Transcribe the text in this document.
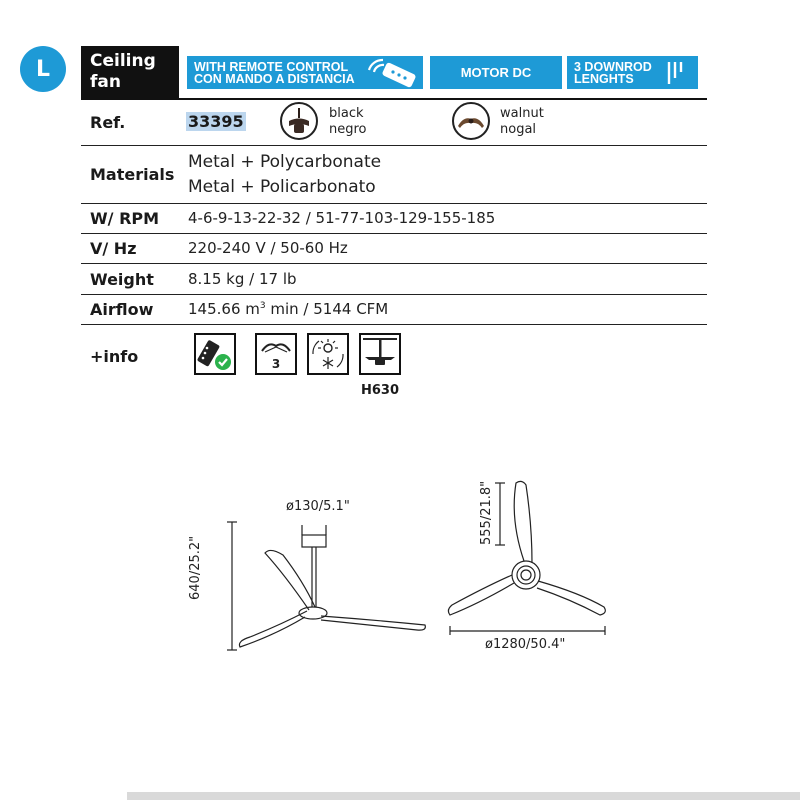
L	Ceiling
fan
WITH REMOTE CONTROL
CON MANDO A DISTANCIA	MOTOR DC	3 DOWNROD
LENGHTS
Ref.	33395	black
negro
walnut
nogal
Materials
Metal + Polycarbonate
Metal + Policarbonato
W/ RPM 4-6-9-13-22-32 / 51-77-103-129-155-185
V/ Hz	220-240 V / 50-60 Hz
Weight 8.15 kg / 17 lb
Airflow 145.66 $m^3$ min / 5144 CFM
+info	3
H630
ø130/5.1"
640/25.2"
555/21.8"
ø1280/50.4"
